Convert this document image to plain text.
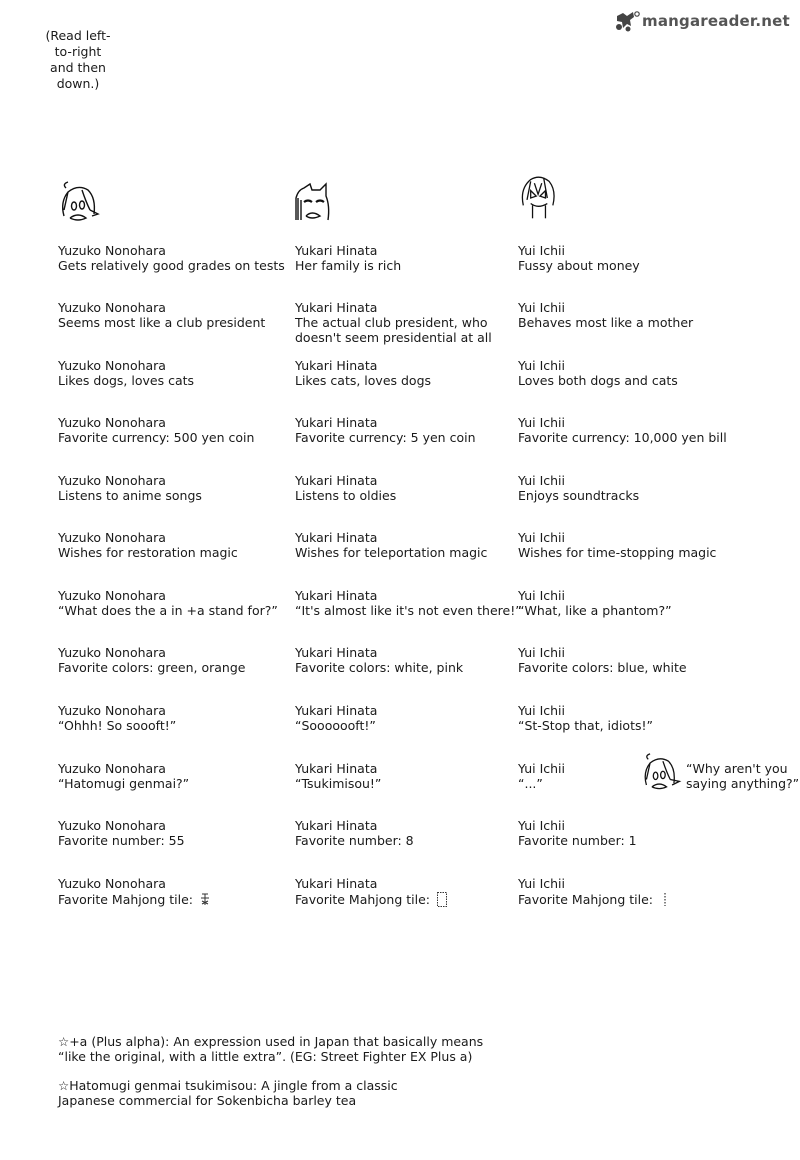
(Read left-to-right
and then down.)
mangareader.net
Yuzuko Nonohara
Gets relatively good grades on tests
Yukari Hinata
Her family is rich
Yui Ichii
Fussy about money
Yuzuko Nonohara
Seems most like a club president
Yukari Hinata
The actual club president, who
doesn't seem presidential at all
Yui Ichii
Behaves most like a mother
Yuzuko Nonohara
Likes dogs, loves cats
Yukari Hinata
Likes cats, loves dogs
Yui Ichii
Loves both dogs and cats
Yuzuko Nonohara
Favorite currency: 500 yen coin
Yukari Hinata
Favorite currency: 5 yen coin
Yui Ichii
Favorite currency: 10,000 yen bill
Yuzuko Nonohara
Listens to anime songs
Yukari Hinata
Listens to oldies
Yui Ichii
Enjoys soundtracks
Yuzuko Nonohara
Wishes for restoration magic
Yukari Hinata
Wishes for teleportation magic
Yui Ichii
Wishes for time-stopping magic
Yuzuko Nonohara
“What does the a in +a stand for?”
Yukari Hinata
“It's almost like it's not even there!”
Yui Ichii
“What, like a phantom?”
Yuzuko Nonohara
Favorite colors: green, orange
Yukari Hinata
Favorite colors: white, pink
Yui Ichii
Favorite colors: blue, white
Yuzuko Nonohara
“Ohhh! So soooft!”
Yukari Hinata
“Sooooooft!”
Yui Ichii
“St-Stop that, idiots!”
Yuzuko Nonohara
“Hatomugi genmai?”
Yukari Hinata
“Tsukimisou!”
Yui Ichii
“...”
Yuzuko Nonohara
Favorite number: 55
Yukari Hinata
Favorite number: 8
Yui Ichii
Favorite number: 1
Yuzuko Nonohara
Favorite Mahjong tile:
Yukari Hinata
Favorite Mahjong tile:
Yui Ichii
Favorite Mahjong tile:
“Why aren't you
saying anything?”
☆+a (Plus alpha): An expression used in Japan that basically means
“like the original, with a little extra”. (EG: Street Fighter EX Plus a)
☆Hatomugi genmai tsukimisou: A jingle from a classic
Japanese commercial for Sokenbicha barley tea
